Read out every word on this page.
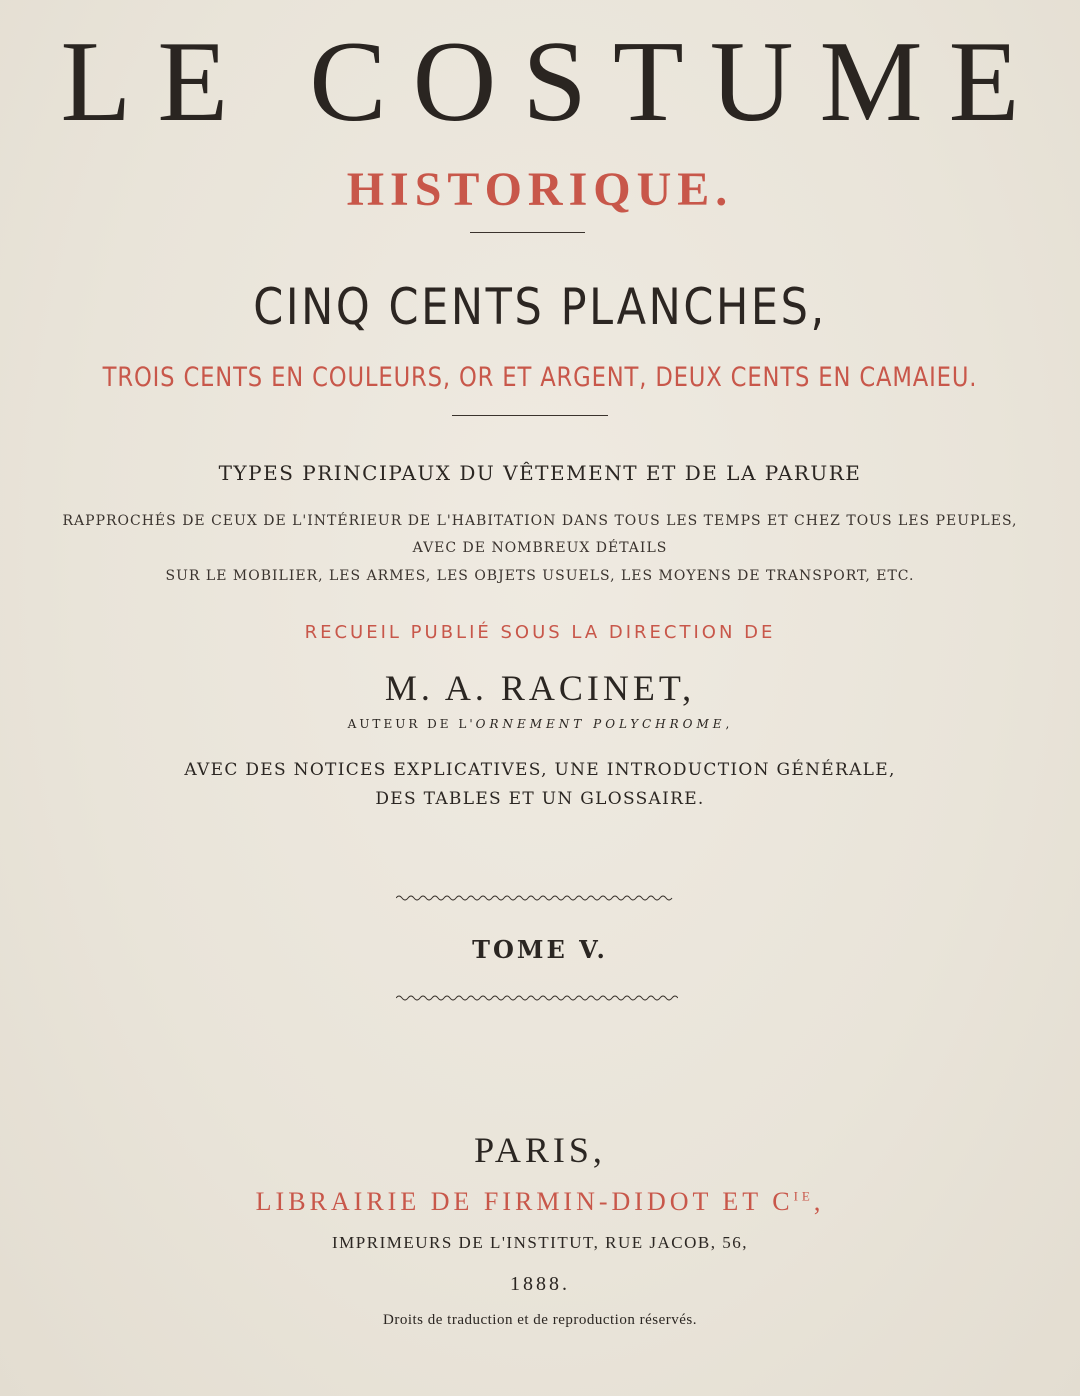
LE COSTUME
HISTORIQUE.
CINQ CENTS PLANCHES,
TROIS CENTS EN COULEURS, OR ET ARGENT, DEUX CENTS EN CAMAIEU.
TYPES PRINCIPAUX DU VÊTEMENT ET DE LA PARURE
RAPPROCHÉS DE CEUX DE L'INTÉRIEUR DE L'HABITATION DANS TOUS LES TEMPS ET CHEZ TOUS LES PEUPLES,
AVEC DE NOMBREUX DÉTAILS
SUR LE MOBILIER, LES ARMES, LES OBJETS USUELS, LES MOYENS DE TRANSPORT, ETC.
RECUEIL PUBLIÉ SOUS LA DIRECTION DE
M. A. RACINET,
AUTEUR DE L'ORNEMENT POLYCHROME,
AVEC DES NOTICES EXPLICATIVES, UNE INTRODUCTION GÉNÉRALE,
DES TABLES ET UN GLOSSAIRE.
TOME V.
PARIS,
LIBRAIRIE DE FIRMIN-DIDOT ET $C^{IE}$,
IMPRIMEURS DE L'INSTITUT, RUE JACOB, 56,
1888.
Droits de traduction et de reproduction réservés.
